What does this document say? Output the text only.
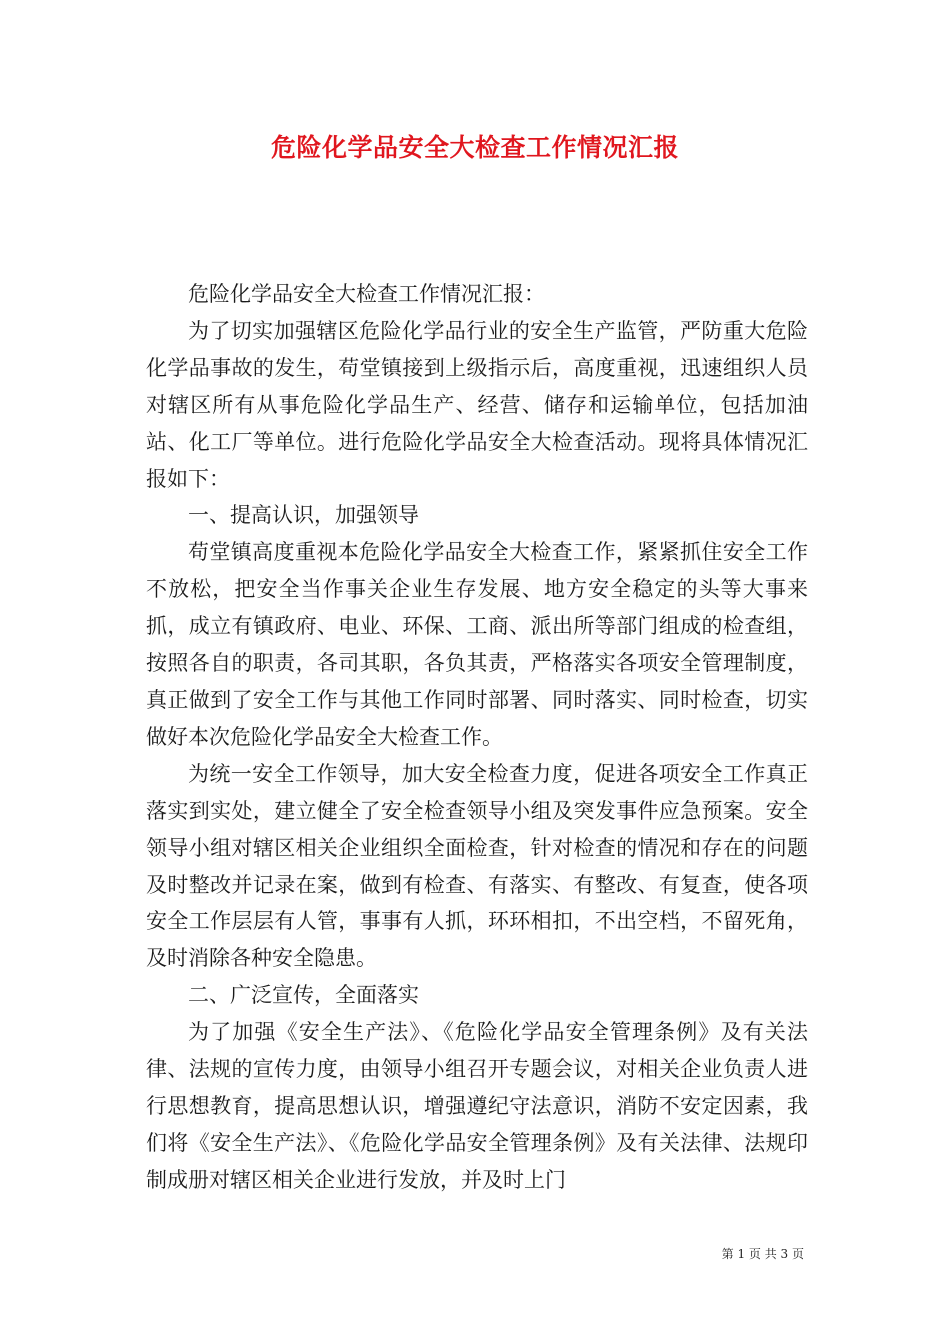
危险化学品安全大检查工作情况汇报

危险化学品安全大检查工作情况汇报：

为了切实加强辖区危险化学品行业的安全生产监管，严防重大危险化学品事故的发生，苟堂镇接到上级指示后，高度重视，迅速组织人员对辖区所有从事危险化学品生产、经营、储存和运输单位，包括加油站、化工厂等单位。进行危险化学品安全大检查活动。现将具体情况汇报如下：

一、提高认识，加强领导

苟堂镇高度重视本危险化学品安全大检查工作，紧紧抓住安全工作不放松，把安全当作事关企业生存发展、地方安全稳定的头等大事来抓，成立有镇政府、电业、环保、工商、派出所等部门组成的检查组，按照各自的职责，各司其职，各负其责，严格落实各项安全管理制度，真正做到了安全工作与其他工作同时部署、同时落实、同时检查，切实做好本次危险化学品安全大检查工作。

为统一安全工作领导，加大安全检查力度，促进各项安全工作真正落实到实处，建立健全了安全检查领导小组及突发事件应急预案。安全领导小组对辖区相关企业组织全面检查，针对检查的情况和存在的问题及时整改并记录在案，做到有检查、有落实、有整改、有复查，使各项安全工作层层有人管，事事有人抓，环环相扣，不出空档，不留死角，及时消除各种安全隐患。

二、广泛宣传，全面落实

为了加强《安全生产法》、《危险化学品安全管理条例》及有关法律、法规的宣传力度，由领导小组召开专题会议，对相关企业负责人进行思想教育，提高思想认识，增强遵纪守法意识，消防不安定因素，我们将《安全生产法》、《危险化学品安全管理条例》及有关法律、法规印制成册对辖区相关企业进行发放，并及时上门

第 1 页 共 3 页
